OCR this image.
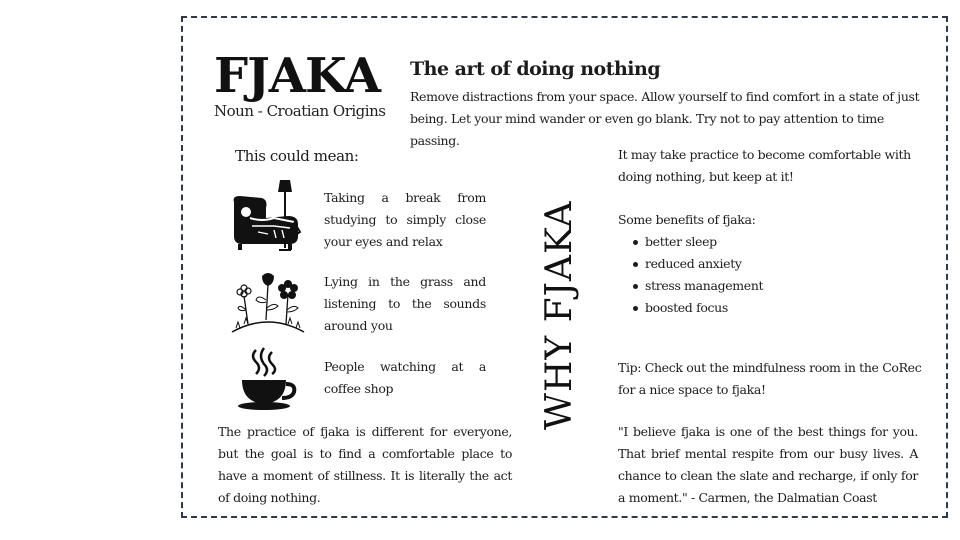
FJAKA
Noun - Croatian Origins
The art of doing nothing
Remove distractions from your space. Allow yourself to find comfort in a state of just being. Let your mind wander or even go blank. Try not to pay attention to time passing.
This could mean:
Taking a break from studying to simply close your eyes and relax
Lying in the grass and listening to the sounds around you
People watching at a coffee shop
The practice of fjaka is different for everyone, but the goal is to find a comfortable place to have a moment of stillness. It is literally the act of doing nothing.
WHY FJAKA
It may take practice to become comfortable with doing nothing, but keep at it!
Some benefits of fjaka:
better sleep
reduced anxiety
stress management
boosted focus
Tip: Check out the mindfulness room in the CoRec for a nice space to fjaka!
"I believe fjaka is one of the best things for you. That brief mental respite from our busy lives. A chance to clean the slate and recharge, if only for a moment." - Carmen, the Dalmatian Coast
